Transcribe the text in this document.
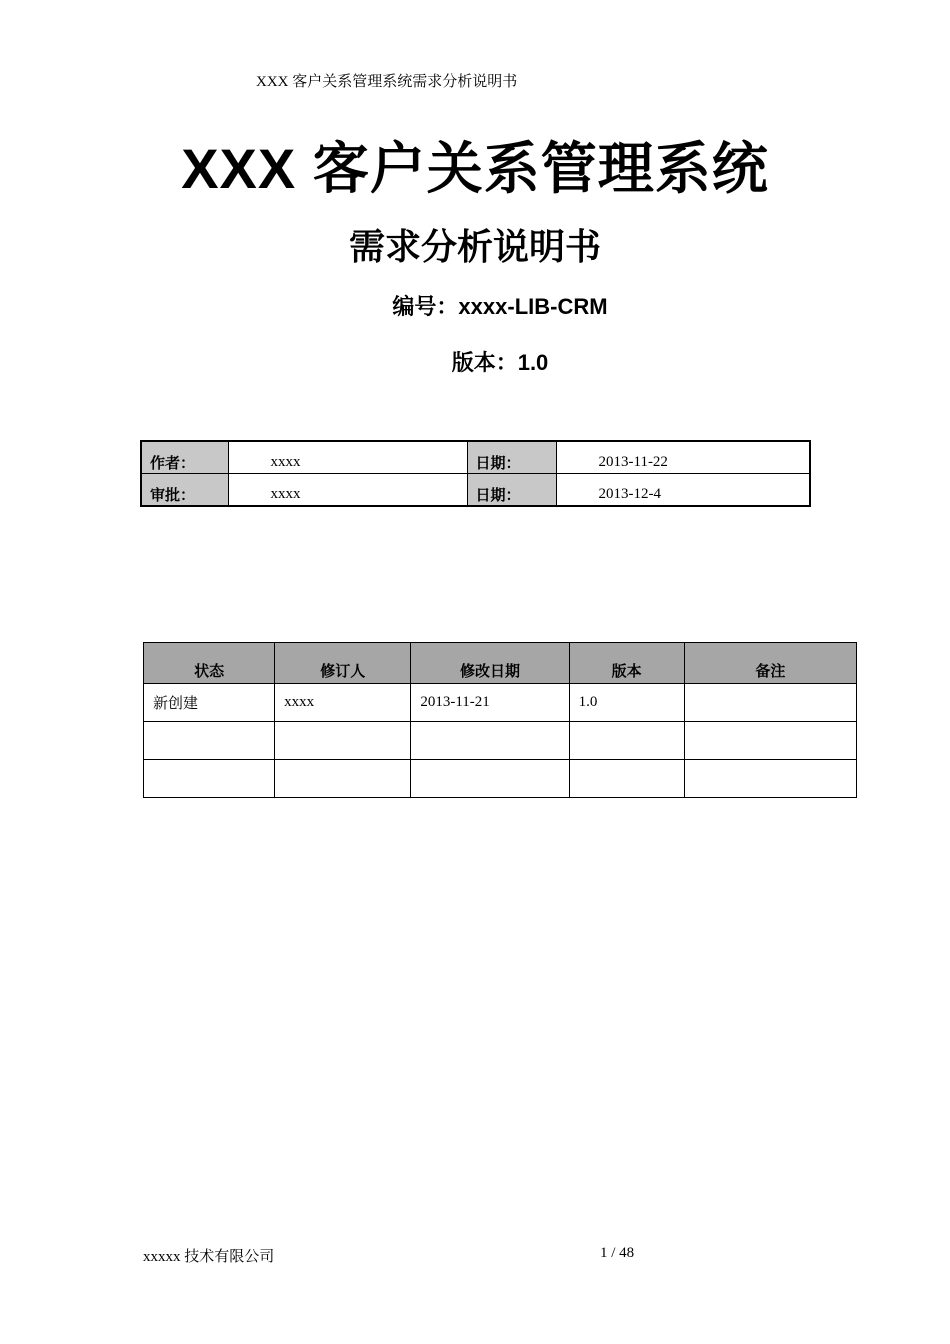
XXX 客户关系管理系统需求分析说明书
XXX 客户关系管理系统
需求分析说明书
编号：xxxx-LIB-CRM
版本：1.0
作者：	xxxx	日期：	2013-11-22
审批：	xxxx	日期：	2013-12-4
状态	修订人	修改日期	版本	备注
新创建	xxxx	2013-11-21	1.0	

xxxxx 技术有限公司	1 / 48
